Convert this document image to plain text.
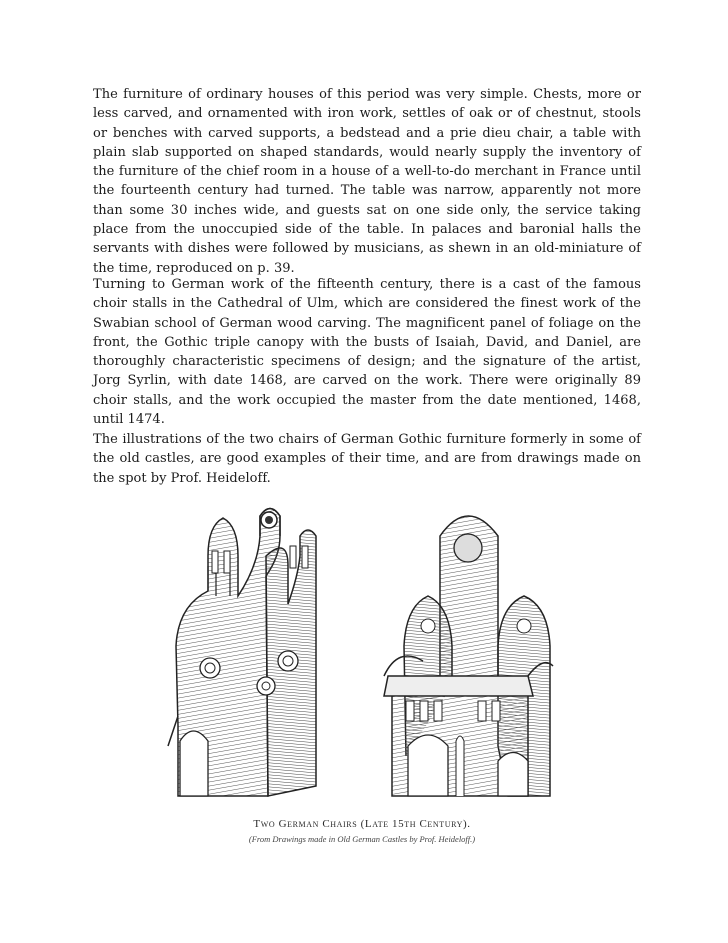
The furniture of ordinary houses of this period was very simple. Chests, more or less carved, and ornamented with iron work, settles of oak or of chestnut, stools or benches with carved supports, a bedstead and a prie dieu chair, a table with plain slab supported on shaped standards, would nearly supply the inventory of the furniture of the chief room in a house of a well-to-do merchant in France until the fourteenth century had turned. The table was narrow, apparently not more than some 30 inches wide, and guests sat on one side only, the service taking place from the unoccupied side of the table. In palaces and baronial halls the servants with dishes were followed by musicians, as shewn in an old-miniature of the time, reproduced on p. 39.

Turning to German work of the fifteenth century, there is a cast of the famous choir stalls in the Cathedral of Ulm, which are considered the finest work of the Swabian school of German wood carving. The magnificent panel of foliage on the front, the Gothic triple canopy with the busts of Isaiah, David, and Daniel, are thoroughly characteristic specimens of design; and the signature of the artist, Jorg Syrlin, with date 1468, are carved on the work. There were originally 89 choir stalls, and the work occupied the master from the date mentioned, 1468, until 1474.

The illustrations of the two chairs of German Gothic furniture formerly in some of the old castles, are good examples of their time, and are from drawings made on the spot by Prof. Heideloff.

Two German Chairs (Late 15th Century).
(From Drawings made in Old German Castles by Prof. Heideloff.)
